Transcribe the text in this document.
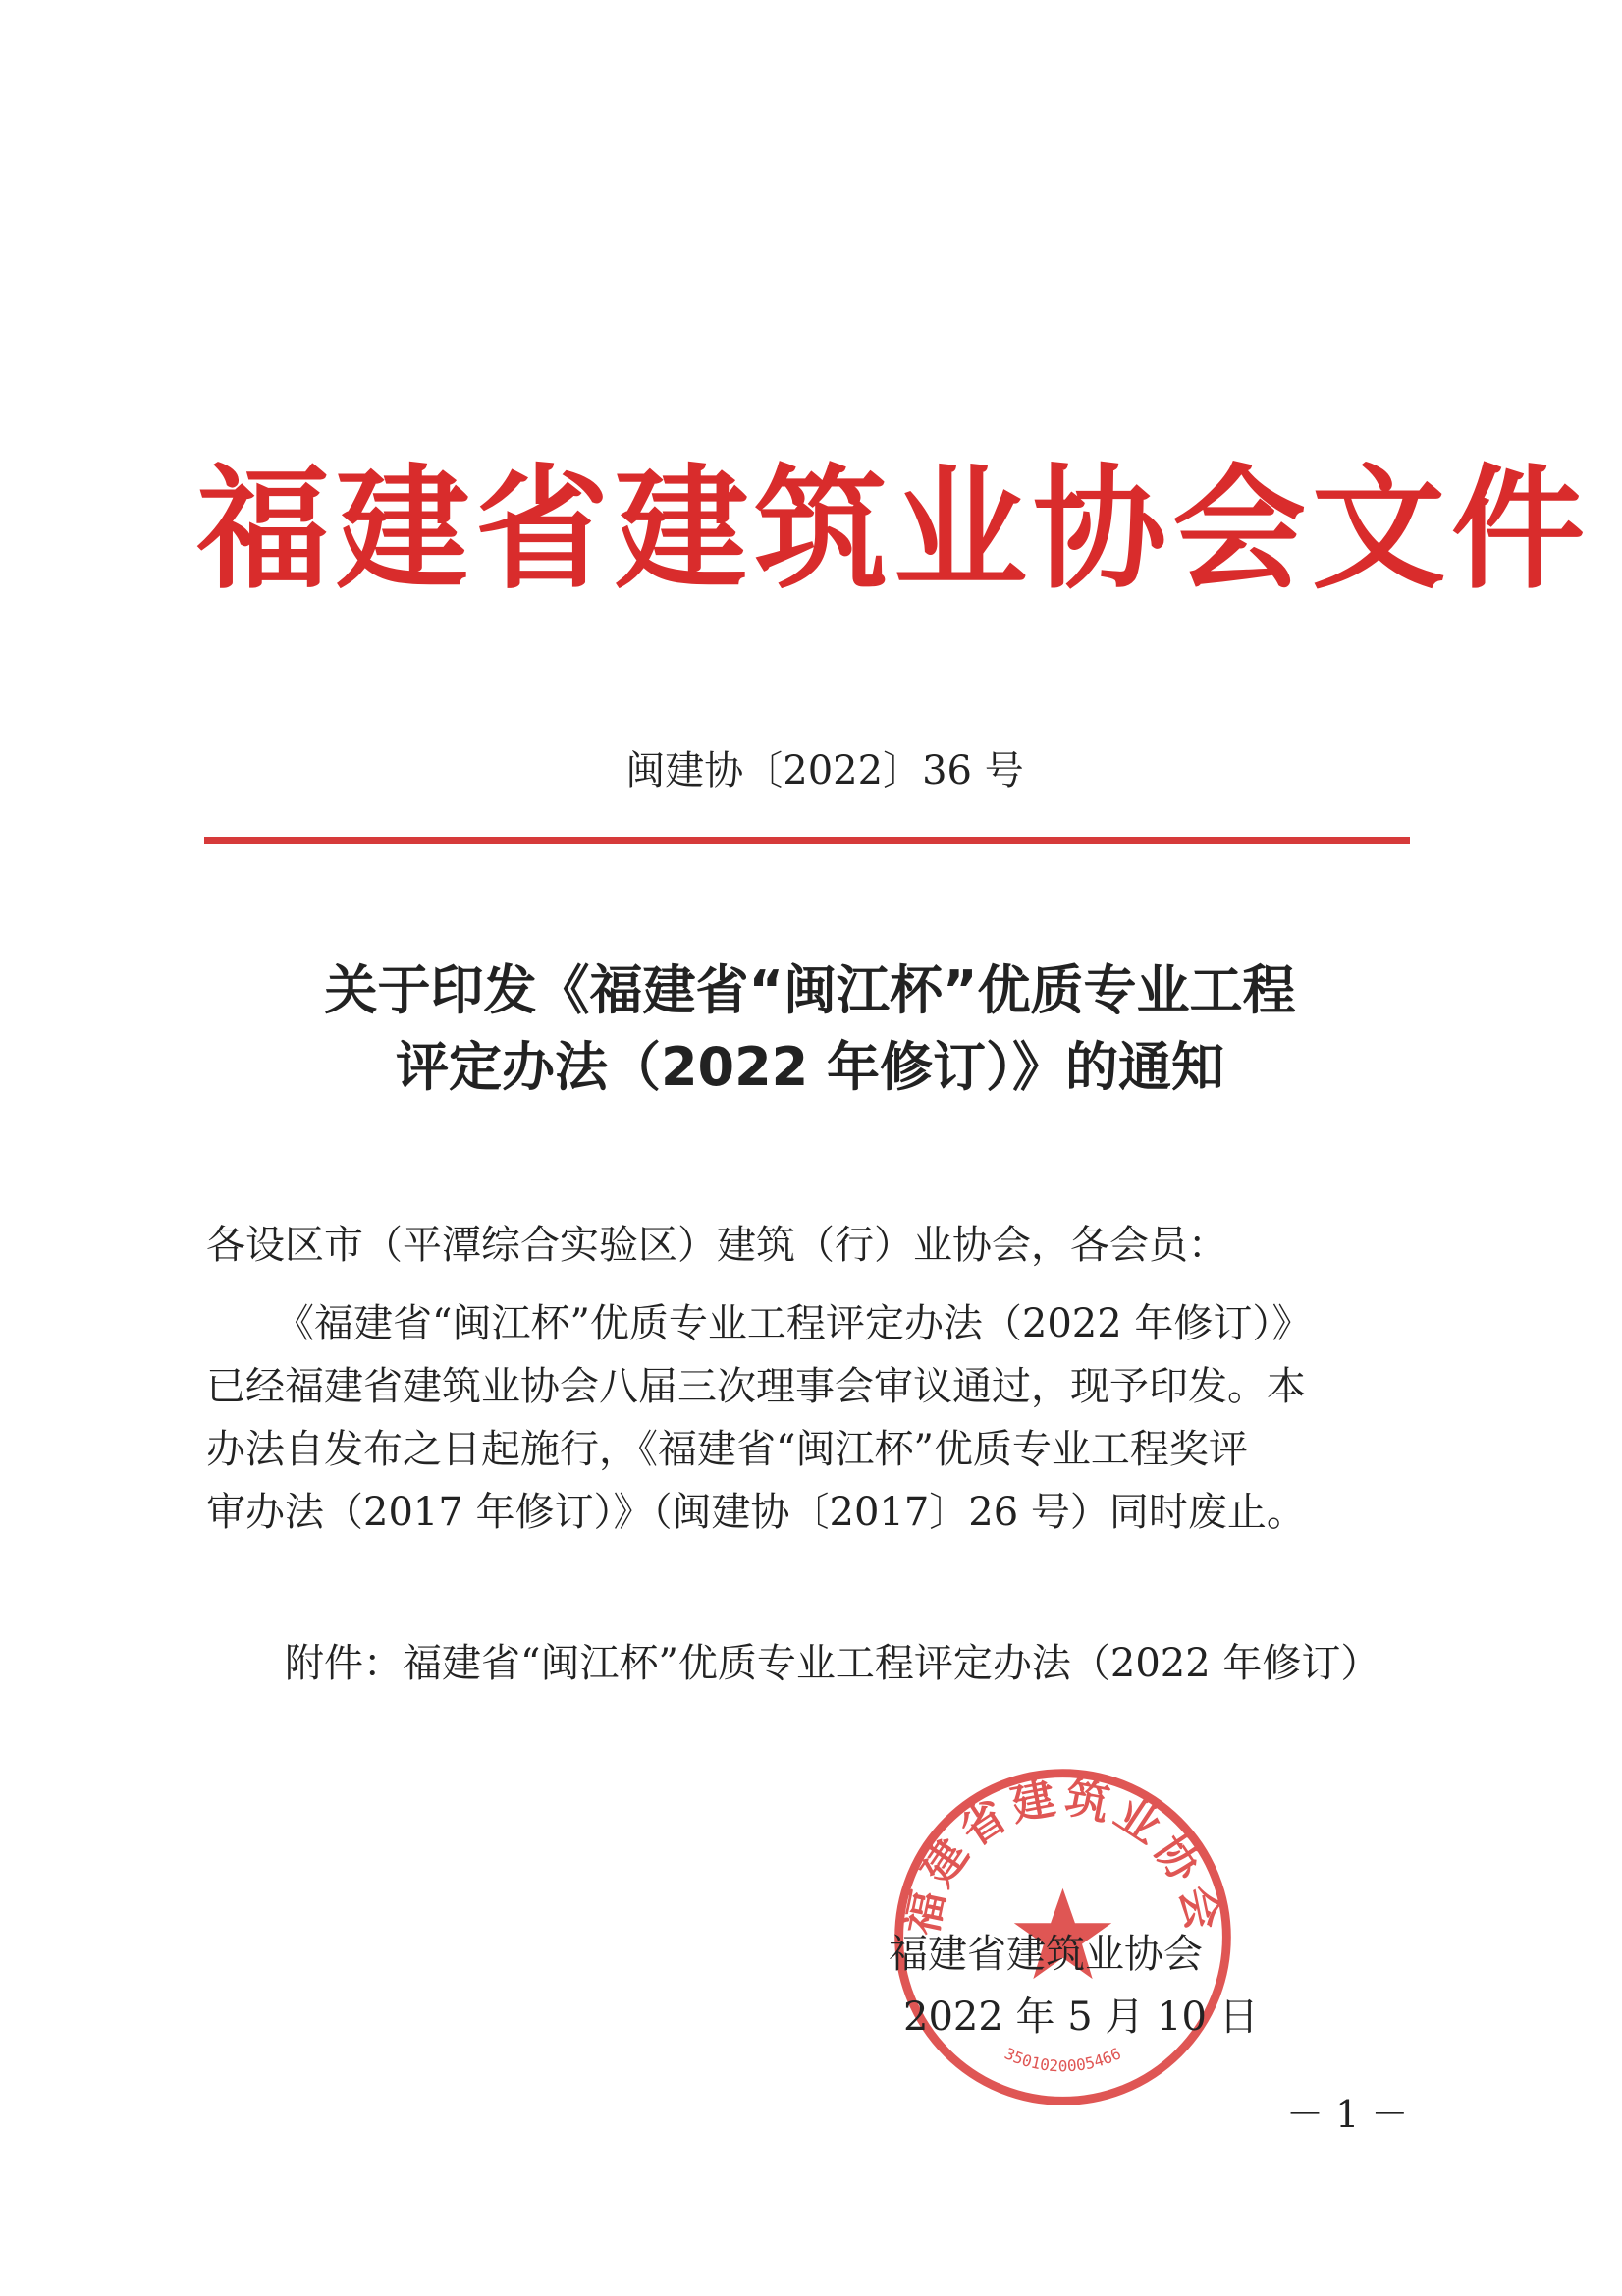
福建省建筑业协会文件
闽建协〔2022〕36 号
关于印发《福建省“闽江杯”优质专业工程
评定办法（2022 年修订）》的通知
各设区市（平潭综合实验区）建筑（行）业协会，各会员：
《福建省“闽江杯”优质专业工程评定办法（2022 年修订）》
已经福建省建筑业协会八届三次理事会审议通过，现予印发。本
办法自发布之日起施行，《福建省“闽江杯”优质专业工程奖评
审办法（2017 年修订）》（闽建协〔2017〕26 号）同时废止。
附件：福建省“闽江杯”优质专业工程评定办法（2022 年修订）
福建省建筑业协会
3501020005466
福建省建筑业协会
2022 年 5 月 10 日
－ 1 －
